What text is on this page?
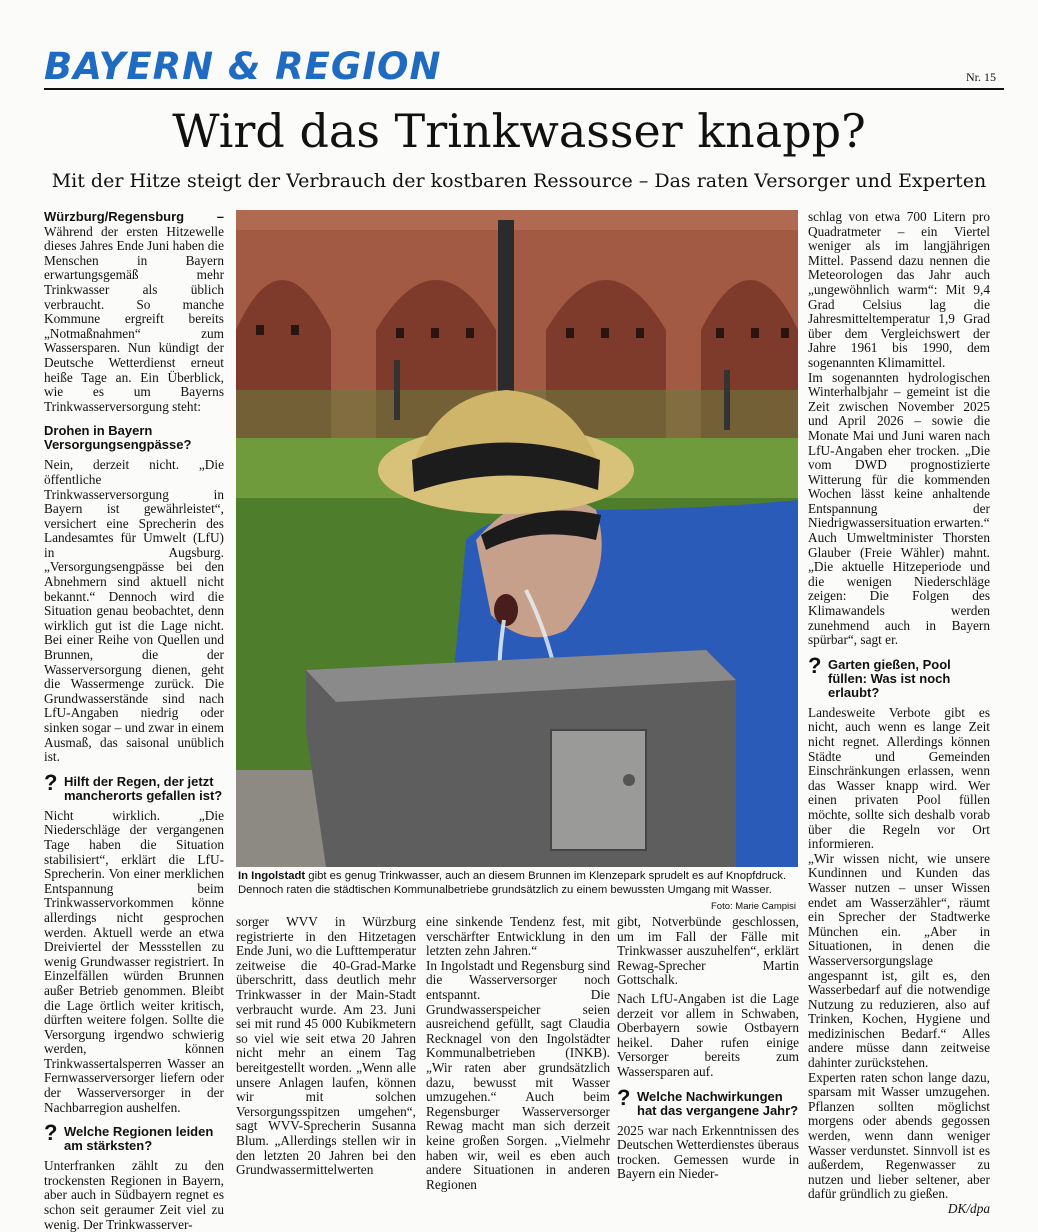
BAYERN & REGION	Nr. 15
Wird das Trinkwasser knapp?
Mit der Hitze steigt der Verbrauch der kostbaren Ressource – Das raten Versorger und Experten

Würzburg/Regensburg – Während der ersten Hitzewelle dieses Jahres Ende Juni haben die Menschen in Bayern erwartungsgemäß mehr Trinkwasser als üblich verbraucht. So manche Kommune ergreift bereits „Notmaßnahmen“ zum Wassersparen. Nun kündigt der Deutsche Wetterdienst erneut heiße Tage an. Ein Überblick, wie es um Bayerns Trinkwasserversorgung steht:

Drohen in Bayern Versorgungsengpässe?

Nein, derzeit nicht. „Die öffentliche Trinkwasserversorgung in Bayern ist gewährleistet“, versichert eine Sprecherin des Landesamtes für Umwelt (LfU) in Augsburg. „Versorgungsengpässe bei den Abnehmern sind aktuell nicht bekannt.“ Dennoch wird die Situation genau beobachtet, denn wirklich gut ist die Lage nicht. Bei einer Reihe von Quellen und Brunnen, die der Wasserversorgung dienen, geht die Wassermenge zurück. Die Grundwasserstände sind nach LfU-Angaben niedrig oder sinken sogar – und zwar in einem Ausmaß, das saisonal unüblich ist.

? Hilft der Regen, der jetzt mancherorts gefallen ist?

Nicht wirklich. „Die Niederschläge der vergangenen Tage haben die Situation stabilisiert“, erklärt die LfU-Sprecherin. Von einer merklichen Entspannung beim Trinkwasservorkommen könne allerdings nicht gesprochen werden. Aktuell werde an etwa Dreiviertel der Messstellen zu wenig Grundwasser registriert. In Einzelfällen würden Brunnen außer Betrieb genommen. Bleibt die Lage örtlich weiter kritisch, dürften weitere folgen. Sollte die Versorgung irgendwo schwierig werden, können Trinkwassertalsperren Wasser an Fernwasserversorger liefern oder der Wasserversorger in der Nachbarregion aushelfen.

? Welche Regionen leiden am stärksten?

Unterfranken zählt zu den trockensten Regionen in Bayern, aber auch in Südbayern regnet es schon seit geraumer Zeit viel zu wenig. Der Trinkwasserver-

In Ingolstadt gibt es genug Trinkwasser, auch an diesem Brunnen im Klenzepark sprudelt es auf Knopfdruck. Dennoch raten die städtischen Kommunalbetriebe grundsätzlich zu einem bewussten Umgang mit Wasser.
Foto: Marie Campisi

sorger WVV in Würzburg registrierte in den Hitzetagen Ende Juni, wo die Lufttemperatur zeitweise die 40-Grad-Marke überschritt, dass deutlich mehr Trinkwasser in der Main-Stadt verbraucht wurde. Am 23. Juni sei mit rund 45 000 Kubikmetern so viel wie seit etwa 20 Jahren nicht mehr an einem Tag bereitgestellt worden. „Wenn alle unsere Anlagen laufen, können wir mit solchen Versorgungsspitzen umgehen“, sagt WVV-Sprecherin Susanna Blum. „Allerdings stellen wir in den letzten 20 Jahren bei den Grundwassermittelwerten

eine sinkende Tendenz fest, mit verschärfter Entwicklung in den letzten zehn Jahren.“

In Ingolstadt und Regensburg sind die Wasserversorger noch entspannt. Die Grundwasserspeicher seien ausreichend gefüllt, sagt Claudia Recknagel von den Ingolstädter Kommunalbetrieben (INKB). „Wir raten aber grundsätzlich dazu, bewusst mit Wasser umzugehen.“ Auch beim Regensburger Wasserversorger Rewag macht man sich derzeit keine großen Sorgen. „Vielmehr haben wir, weil es eben auch andere Situationen in anderen Regionen

gibt, Notverbünde geschlossen, um im Fall der Fälle mit Trinkwasser auszuhelfen“, erklärt Rewag-Sprecher Martin Gottschalk.

Nach LfU-Angaben ist die Lage derzeit vor allem in Schwaben, Oberbayern sowie Ostbayern heikel. Daher rufen einige Versorger bereits zum Wassersparen auf.

? Welche Nachwirkungen hat das vergangene Jahr?

2025 war nach Erkenntnissen des Deutschen Wetterdienstes überaus trocken. Gemessen wurde in Bayern ein Nieder-

schlag von etwa 700 Litern pro Quadratmeter – ein Viertel weniger als im langjährigen Mittel. Passend dazu nennen die Meteorologen das Jahr auch „ungewöhnlich warm“: Mit 9,4 Grad Celsius lag die Jahresmitteltemperatur 1,9 Grad über dem Vergleichswert der Jahre 1961 bis 1990, dem sogenannten Klimamittel.

Im sogenannten hydrologischen Winterhalbjahr – gemeint ist die Zeit zwischen November 2025 und April 2026 – sowie die Monate Mai und Juni waren nach LfU-Angaben eher trocken. „Die vom DWD prognostizierte Witterung für die kommenden Wochen lässt keine anhaltende Entspannung der Niedrigwassersituation erwarten.“

Auch Umweltminister Thorsten Glauber (Freie Wähler) mahnt. „Die aktuelle Hitzeperiode und die wenigen Niederschläge zeigen: Die Folgen des Klimawandels werden zunehmend auch in Bayern spürbar“, sagt er.

? Garten gießen, Pool füllen: Was ist noch erlaubt?

Landesweite Verbote gibt es nicht, auch wenn es lange Zeit nicht regnet. Allerdings können Städte und Gemeinden Einschränkungen erlassen, wenn das Wasser knapp wird. Wer einen privaten Pool füllen möchte, sollte sich deshalb vorab über die Regeln vor Ort informieren.

„Wir wissen nicht, wie unsere Kundinnen und Kunden das Wasser nutzen – unser Wissen endet am Wasserzähler“, räumt ein Sprecher der Stadtwerke München ein. „Aber in Situationen, in denen die Wasserversorgungslage angespannt ist, gilt es, den Wasserbedarf auf die notwendige Nutzung zu reduzieren, also auf Trinken, Kochen, Hygiene und medizinischen Bedarf.“ Alles andere müsse dann zeitweise dahinter zurückstehen.

Experten raten schon lange dazu, sparsam mit Wasser umzugehen. Pflanzen sollten möglichst morgens oder abends gegossen werden, wenn dann weniger Wasser verdunstet. Sinnvoll ist es außerdem, Regenwasser zu nutzen und lieber seltener, aber dafür gründlich zu gießen.

DK/dpa
